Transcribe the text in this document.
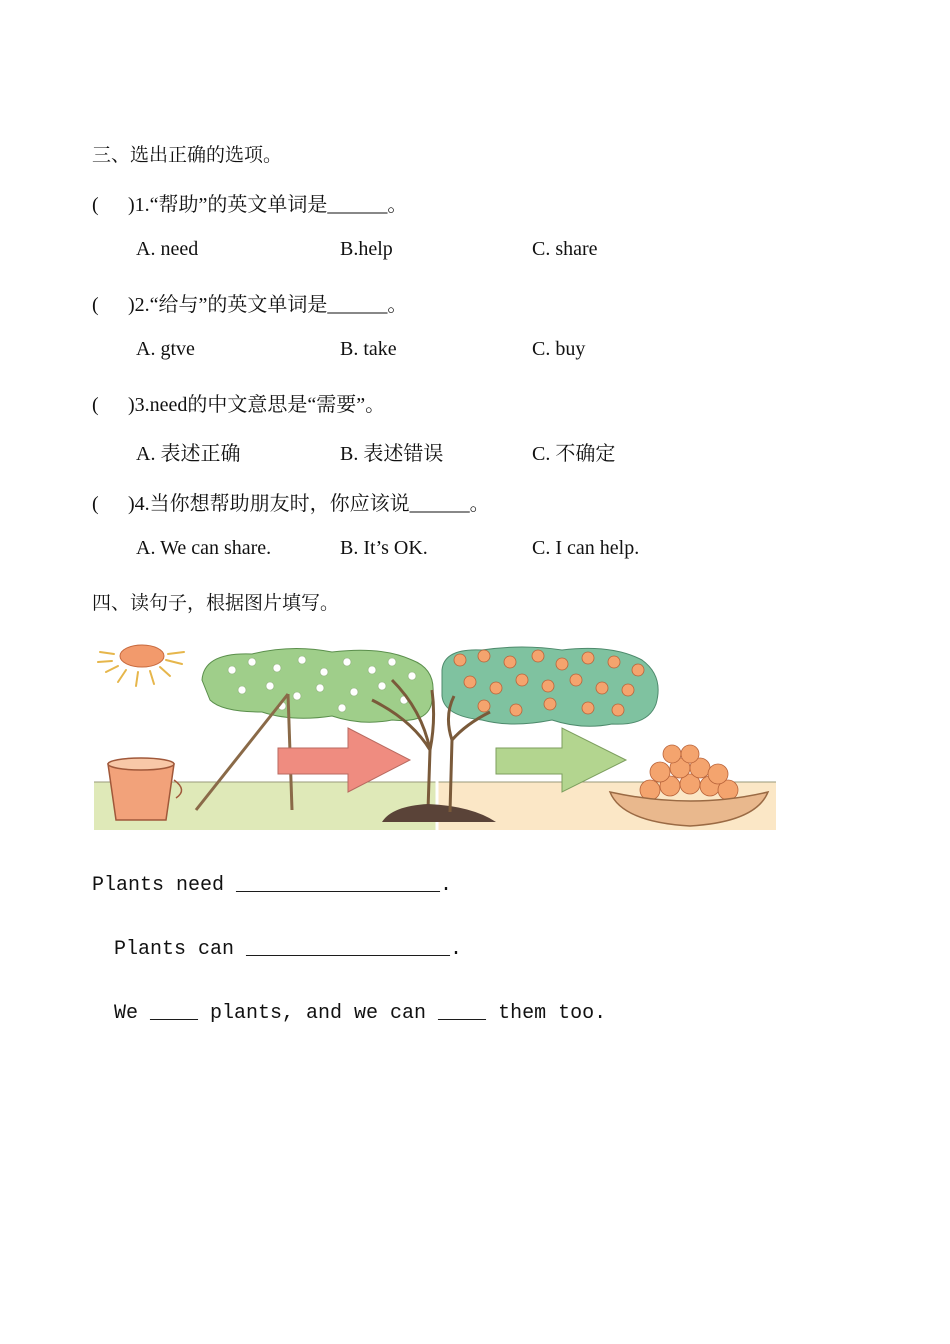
三、选出正确的选项。
( )1.“帮助”的英文单词是______。
A. need	B.help	C. share
( )2.“给与”的英文单词是______。
A. gtve	B. take	C. buy
( )3.need的中文意思是“需要”。
A. 表述正确	B. 表述错误	C. 不确定
( )4.当你想帮助朋友时，你应该说______。
A. We can share.	B. It’s OK.	C. I can help.
四、读句子，根据图片填写。
Plants need _________________.
Plants can _________________.
We ____ plants, and we can ____ them too.
